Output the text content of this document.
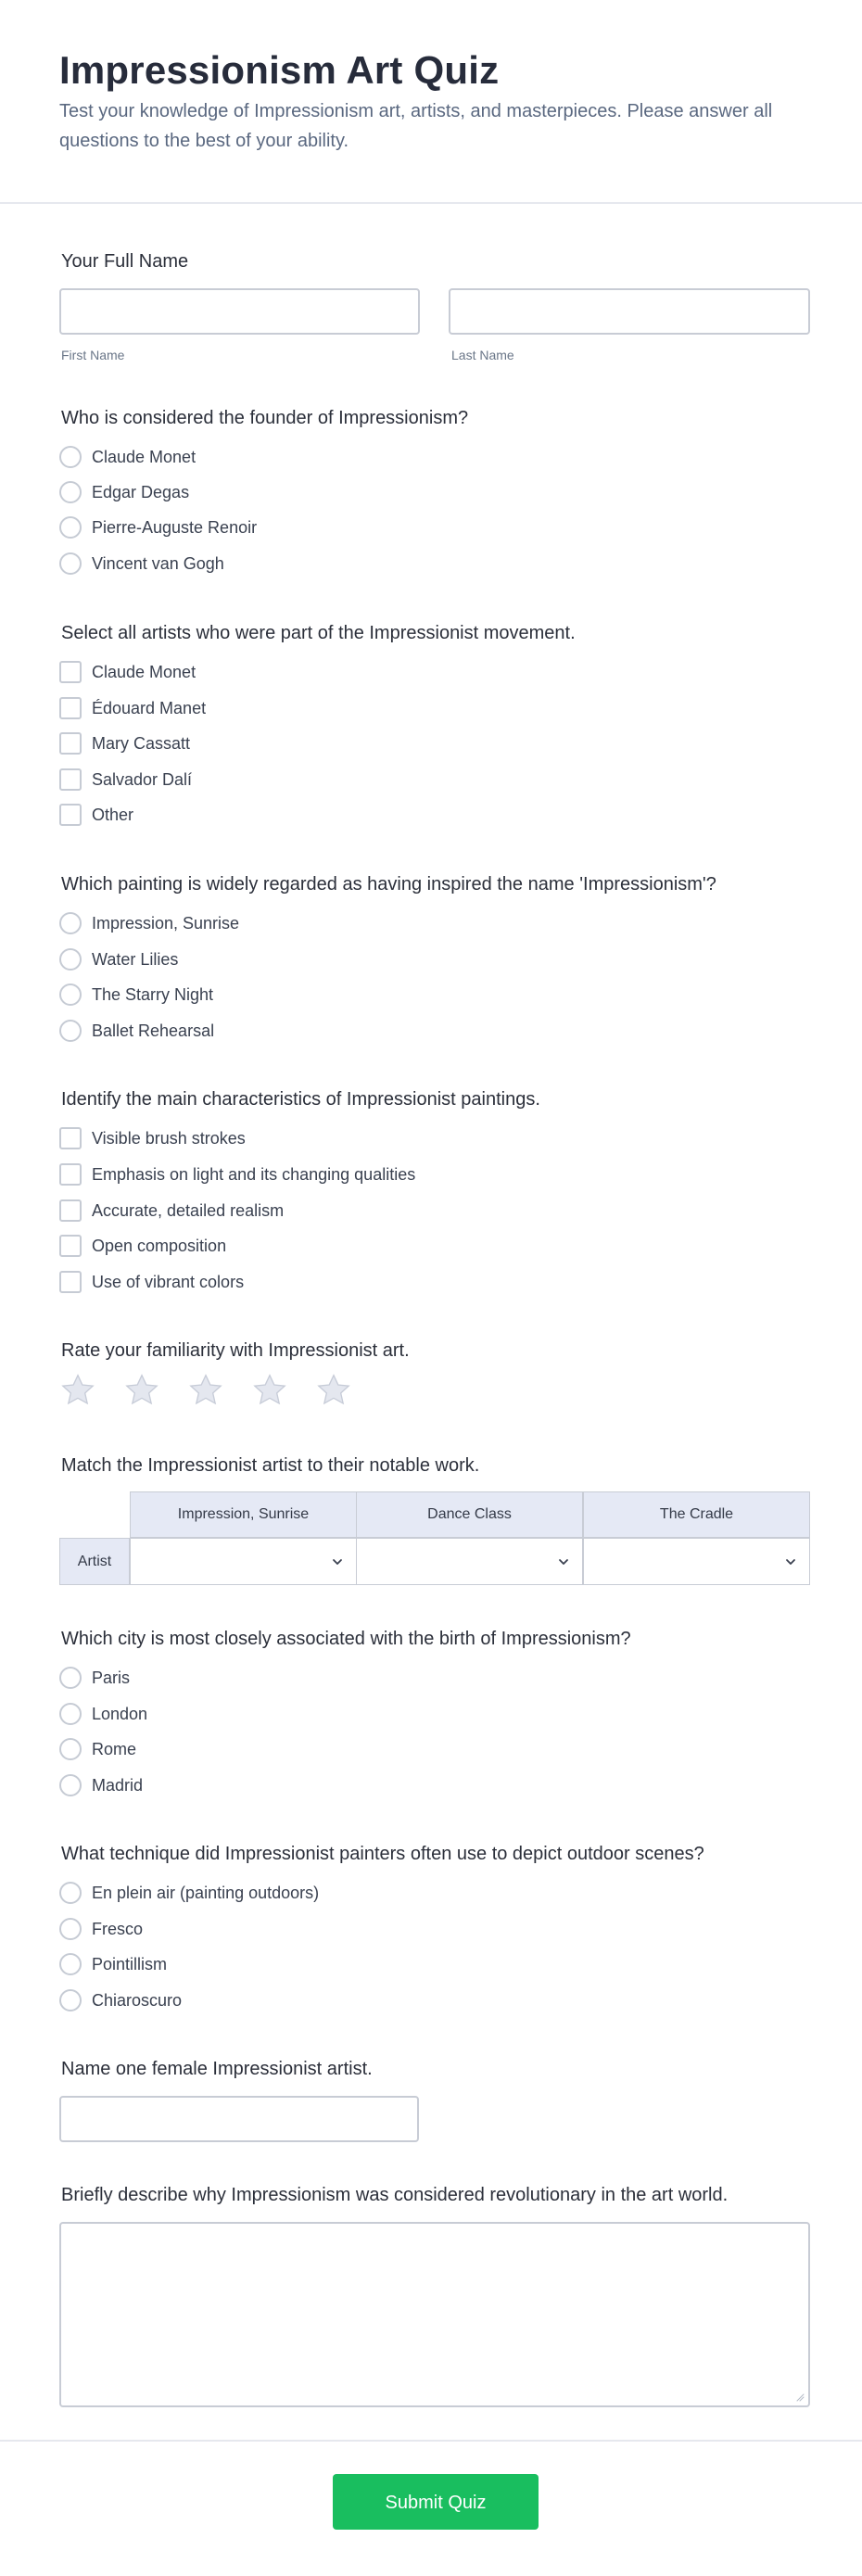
Impressionism Art Quiz

Test your knowledge of Impressionism art, artists, and masterpieces. Please answer all questions to the best of your ability.

Your Full Name
First Name	Last Name
Who is considered the founder of Impressionism?
Claude Monet
Edgar Degas
Pierre-Auguste Renoir
Vincent van Gogh
Select all artists who were part of the Impressionist movement.
Claude Monet
Édouard Manet
Mary Cassatt
Salvador Dalí
Other
Which painting is widely regarded as having inspired the name 'Impressionism'?
Impression, Sunrise
Water Lilies
The Starry Night
Ballet Rehearsal
Identify the main characteristics of Impressionist paintings.
Visible brush strokes
Emphasis on light and its changing qualities
Accurate, detailed realism
Open composition
Use of vibrant colors
Rate your familiarity with Impressionist art.
Match the Impressionist artist to their notable work.
Impression, Sunrise	Dance Class	The Cradle
Artist
Which city is most closely associated with the birth of Impressionism?
Paris
London
Rome
Madrid
What technique did Impressionist painters often use to depict outdoor scenes?
En plein air (painting outdoors)
Fresco
Pointillism
Chiaroscuro
Name one female Impressionist artist.
Briefly describe why Impressionism was considered revolutionary in the art world.
Submit Quiz
